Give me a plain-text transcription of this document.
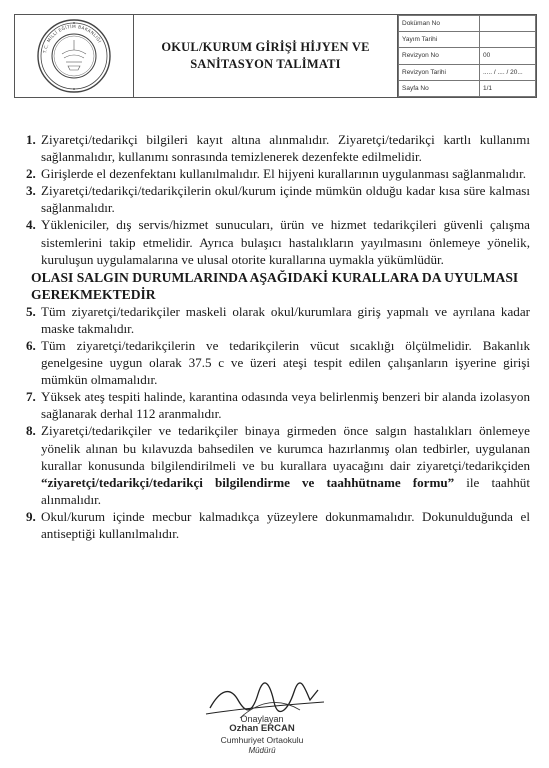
T.C. MİLLÎ EĞİTİM BAKANLIĞI	OKUL/KURUM GİRİŞİ HİJYEN VE
SANİTASYON TALİMATI
Doküman No	
Yayım Tarihi	
Revizyon No	00
Revizyon Tarihi	..... / .... / 20...
Sayfa No	1/1
1. Ziyaretçi/tedarikçi bilgileri kayıt altına alınmalıdır. Ziyaretçi/tedarikçi kartlı kullanımı sağlanmalıdır, kullanımı sonrasında temizlenerek dezenfekte edilmelidir.
2. Girişlerde el dezenfektanı kullanılmalıdır. El hijyeni kurallarının uygulanması sağlanmalıdır.
3. Ziyaretçi/tedarikçi/tedarikçilerin okul/kurum içinde mümkün olduğu kadar kısa süre kalması sağlanmalıdır.
4. Yükleniciler, dış servis/hizmet sunucuları, ürün ve hizmet tedarikçileri güvenli çalışma sistemlerini takip etmelidir. Ayrıca bulaşıcı hastalıkların yayılmasını önlemeye yönelik, kuruluşun uygulamalarına ve ulusal otorite kurallarına uymakla yükümlüdür.
OLASI SALGIN DURUMLARINDA AŞAĞIDAKİ KURALLARA DA UYULMASI GEREKMEKTEDİR
5. Tüm ziyaretçi/tedarikçiler maskeli olarak okul/kurumlara giriş yapmalı ve ayrılana kadar maske takmalıdır.
6. Tüm ziyaretçi/tedarikçilerin ve tedarikçilerin vücut sıcaklığı ölçülmelidir. Bakanlık genelgesine uygun olarak 37.5 c ve üzeri ateşi tespit edilen çalışanların işyerine girişi mümkün olmamalıdır.
7. Yüksek ateş tespiti halinde, karantina odasında veya belirlenmiş benzeri bir alanda izolasyon sağlanarak derhal 112 aranmalıdır.
8. Ziyaretçi/tedarikçiler ve tedarikçiler binaya girmeden önce salgın hastalıkları önlemeye yönelik alınan bu kılavuzda bahsedilen ve kurumca hazırlanmış olan tedbirler, uygulanan kurallar konusunda bilgilendirilmeli ve bu kurallara uyacağını dair ziyaretçi/tedarikçiden “ziyaretçi/tedarikçi/tedarikçi bilgilendirme ve taahhütname formu” ile taahhüt alınmalıdır.
9. Okul/kurum içinde mecbur kalmadıkça yüzeylere dokunmamalıdır. Dokunulduğunda el antiseptiği kullanılmalıdır.
Onaylayan
Ozhan ERCAN
Cumhuriyet Ortaokulu
Müdürü
